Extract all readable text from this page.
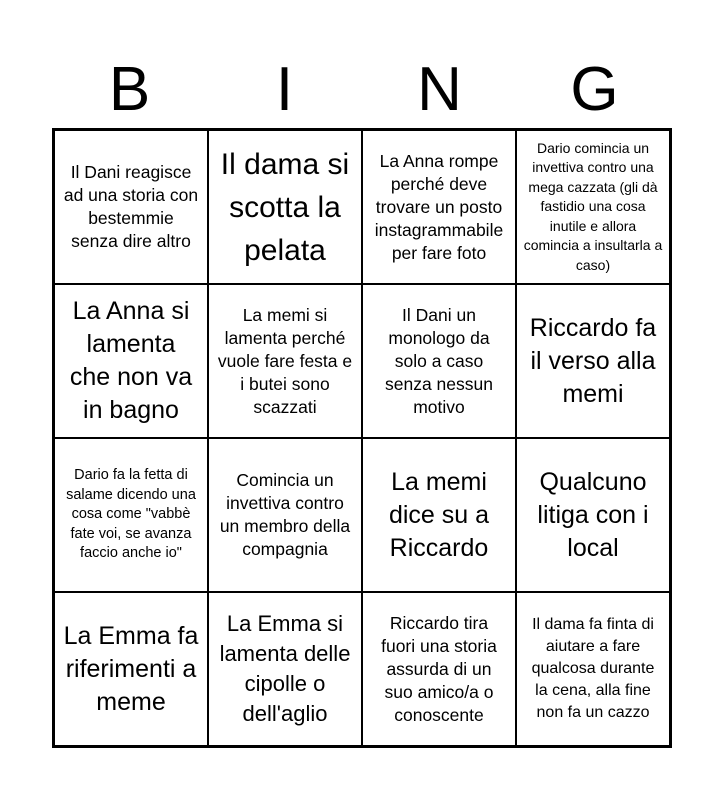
B	I	N	G
Il Dani reagisce ad una storia con bestemmie senza dire altro
Il dama si scotta la pelata
La Anna rompe perché deve trovare un posto instagrammabile per fare foto
Dario comincia un invettiva contro una mega cazzata (gli dà fastidio una cosa inutile e allora comincia a insultarla a caso)
La Anna si lamenta che non va in bagno
La memi si lamenta perché vuole fare festa e i butei sono scazzati
Il Dani un monologo da solo a caso senza nessun motivo
Riccardo fa il verso alla memi
Dario fa la fetta di salame dicendo una cosa come "vabbè fate voi, se avanza faccio anche io"
Comincia un invettiva contro un membro della compagnia
La memi dice su a Riccardo
Qualcuno litiga con i local
La Emma fa riferimenti a meme
La Emma si lamenta delle cipolle o dell'aglio
Riccardo tira fuori una storia assurda di un suo amico/a o conoscente
Il dama fa finta di aiutare a fare qualcosa durante la cena, alla fine non fa un cazzo
